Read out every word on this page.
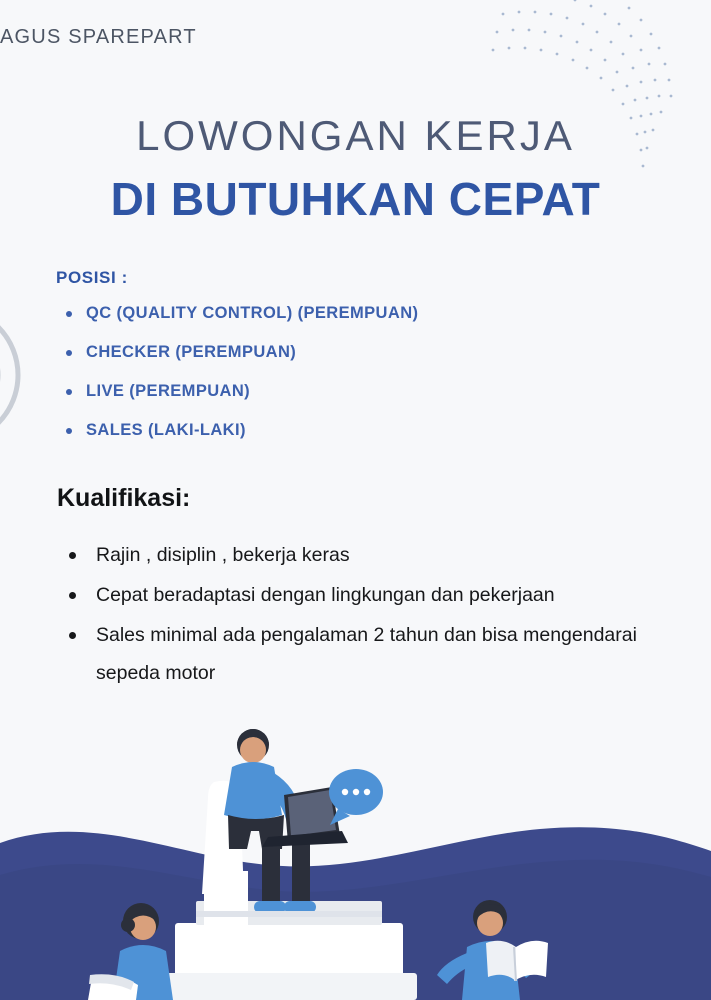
AGUS SPAREPART
LOWONGAN KERJA
DI BUTUHKAN CEPAT
POSISI :
QC (QUALITY CONTROL) (PEREMPUAN)
CHECKER (PEREMPUAN)
LIVE (PEREMPUAN)
SALES (LAKI-LAKI)
Kualifikasi:
Rajin , disiplin , bekerja keras
Cepat beradaptasi dengan lingkungan dan pekerjaan
Sales minimal ada pengalaman 2 tahun dan bisa mengendarai sepeda motor
